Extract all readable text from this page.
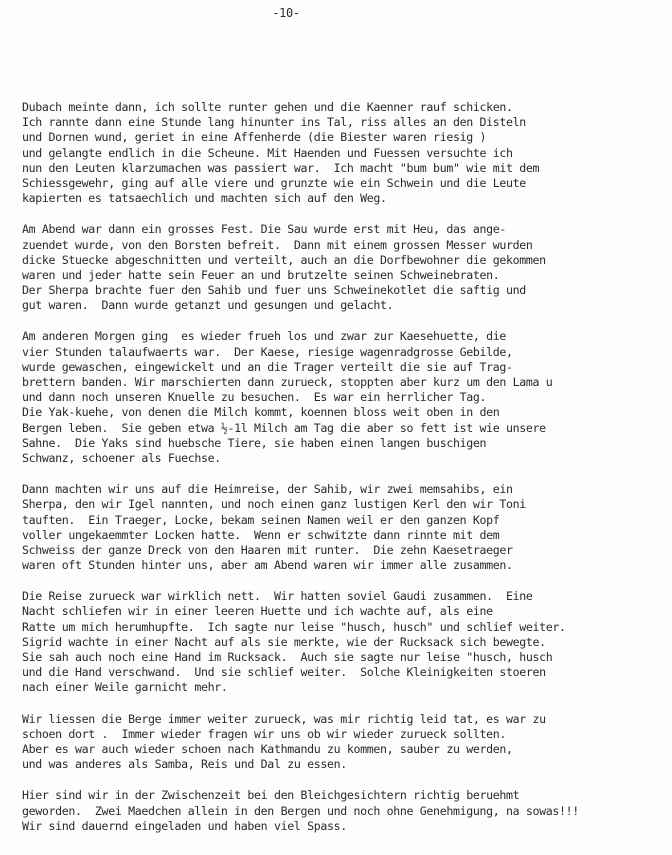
-10-
Dubach meinte dann, ich sollte runter gehen und die Kaenner rauf schicken.
Ich rannte dann eine Stunde lang hinunter ins Tal, riss alles an den Disteln
und Dornen wund, geriet in eine Affenherde (die Biester waren riesig )
und gelangte endlich in die Scheune. Mit Haenden und Fuessen versuchte ich
nun den Leuten klarzumachen was passiert war.  Ich macht "bum bum" wie mit dem
Schiessgewehr, ging auf alle viere und grunzte wie ein Schwein und die Leute
kapierten es tatsaechlich und machten sich auf den Weg.
Am Abend war dann ein grosses Fest. Die Sau wurde erst mit Heu, das ange-
zuendet wurde, von den Borsten befreit.  Dann mit einem grossen Messer wurden
dicke Stuecke abgeschnitten und verteilt, auch an die Dorfbewohner die gekommen
waren und jeder hatte sein Feuer an und brutzelte seinen Schweinebraten.
Der Sherpa brachte fuer den Sahib und fuer uns Schweinekotlet die saftig und
gut waren.  Dann wurde getanzt und gesungen und gelacht.
Am anderen Morgen ging  es wieder frueh los und zwar zur Kaesehuette, die
vier Stunden talaufwaerts war.  Der Kaese, riesige wagenradgrosse Gebilde,
wurde gewaschen, eingewickelt und an die Trager verteilt die sie auf Trag-
brettern banden. Wir marschierten dann zurueck, stoppten aber kurz um den Lama u
und dann noch unseren Knuelle zu besuchen.  Es war ein herrlicher Tag.
Die Yak-kuehe, von denen die Milch kommt, koennen bloss weit oben in den
Bergen leben.  Sie geben etwa ½-1l Milch am Tag die aber so fett ist wie unsere
Sahne.  Die Yaks sind huebsche Tiere, sie haben einen langen buschigen
Schwanz, schoener als Fuechse.
Dann machten wir uns auf die Heimreise, der Sahib, wir zwei memsahibs, ein
Sherpa, den wir Igel nannten, und noch einen ganz lustigen Kerl den wir Toni
tauften.  Ein Traeger, Locke, bekam seinen Namen weil er den ganzen Kopf
voller ungekaemmter Locken hatte.  Wenn er schwitzte dann rinnte mit dem
Schweiss der ganze Dreck von den Haaren mit runter.  Die zehn Kaesetraeger
waren oft Stunden hinter uns, aber am Abend waren wir immer alle zusammen.
Die Reise zurueck war wirklich nett.  Wir hatten soviel Gaudi zusammen.  Eine
Nacht schliefen wir in einer leeren Huette und ich wachte auf, als eine
Ratte um mich herumhupfte.  Ich sagte nur leise "husch, husch" und schlief weiter.
Sigrid wachte in einer Nacht auf als sie merkte, wie der Rucksack sich bewegte.
Sie sah auch noch eine Hand im Rucksack.  Auch sie sagte nur leise "husch, husch
und die Hand verschwand.  Und sie schlief weiter.  Solche Kleinigkeiten stoeren
nach einer Weile garnicht mehr.
Wir liessen die Berge immer weiter zurueck, was mir richtig leid tat, es war zu
schoen dort .  Immer wieder fragen wir uns ob wir wieder zurueck sollten.
Aber es war auch wieder schoen nach Kathmandu zu kommen, sauber zu werden,
und was anderes als Samba, Reis und Dal zu essen.
Hier sind wir in der Zwischenzeit bei den Bleichgesichtern richtig beruehmt
geworden.  Zwei Maedchen allein in den Bergen und noch ohne Genehmigung, na sowas!!!
Wir sind dauernd eingeladen und haben viel Spass.
